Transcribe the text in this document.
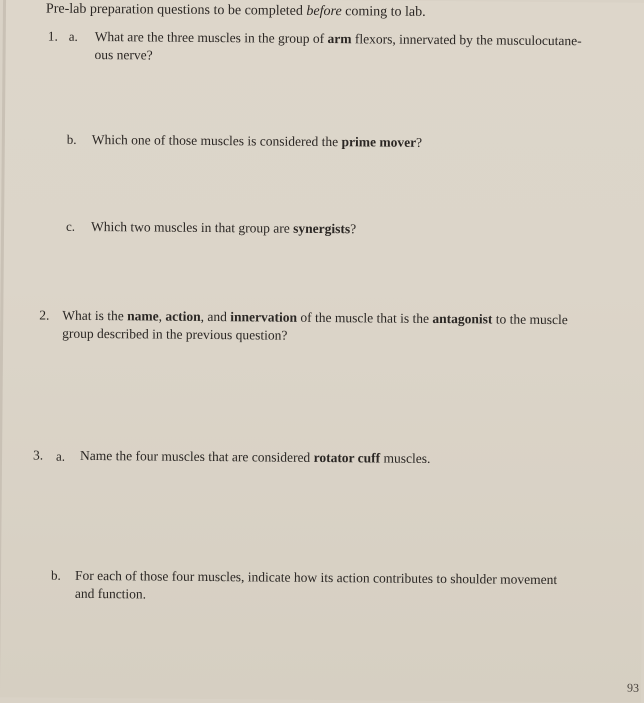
Pre-lab preparation questions to be completed before coming to lab.
1. a. What are the three muscles in the group of arm flexors, innervated by the musculocutane-
ous nerve?
b. Which one of those muscles is considered the prime mover?
c. Which two muscles in that group are synergists?
2. What is the name, action, and innervation of the muscle that is the antagonist to the muscle
group described in the previous question?
3. a. Name the four muscles that are considered rotator cuff muscles.
b. For each of those four muscles, indicate how its action contributes to shoulder movement
and function.
93
